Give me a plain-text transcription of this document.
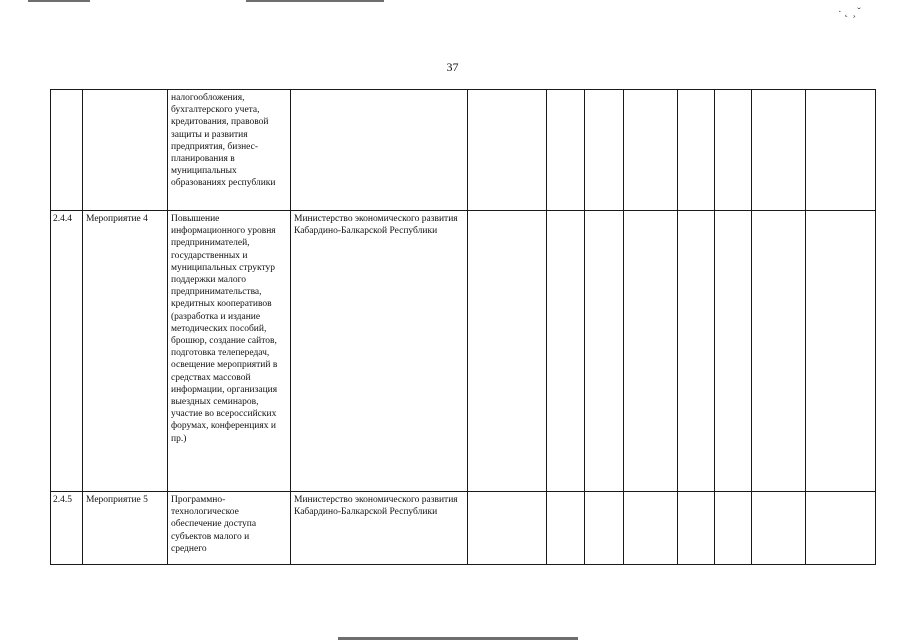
·˛ ̧ˇ
37
		налогообложения, бухгалтерского учета, кредитования, правовой защиты и развития предприятия, бизнес-планирования в муниципальных образованиях республики									
2.4.4	Мероприятие 4	Повышение информационного уровня предпринимателей, государственных и муниципальных структур поддержки малого предпринимательства, кредитных кооперативов (разработка и издание методических пособий, брошюр, создание сайтов, подготовка телепередач, освещение мероприятий в средствах массовой информации, организация выездных семинаров, участие во всероссийских форумах, конференциях и пр.)	Министерство экономического развития Кабардино-Балкарской Республики								
2.4.5	Мероприятие 5	Программно-технологическое обеспечение доступа субъектов малого и среднего	Министерство экономического развития Кабардино-Балкарской Республики								
